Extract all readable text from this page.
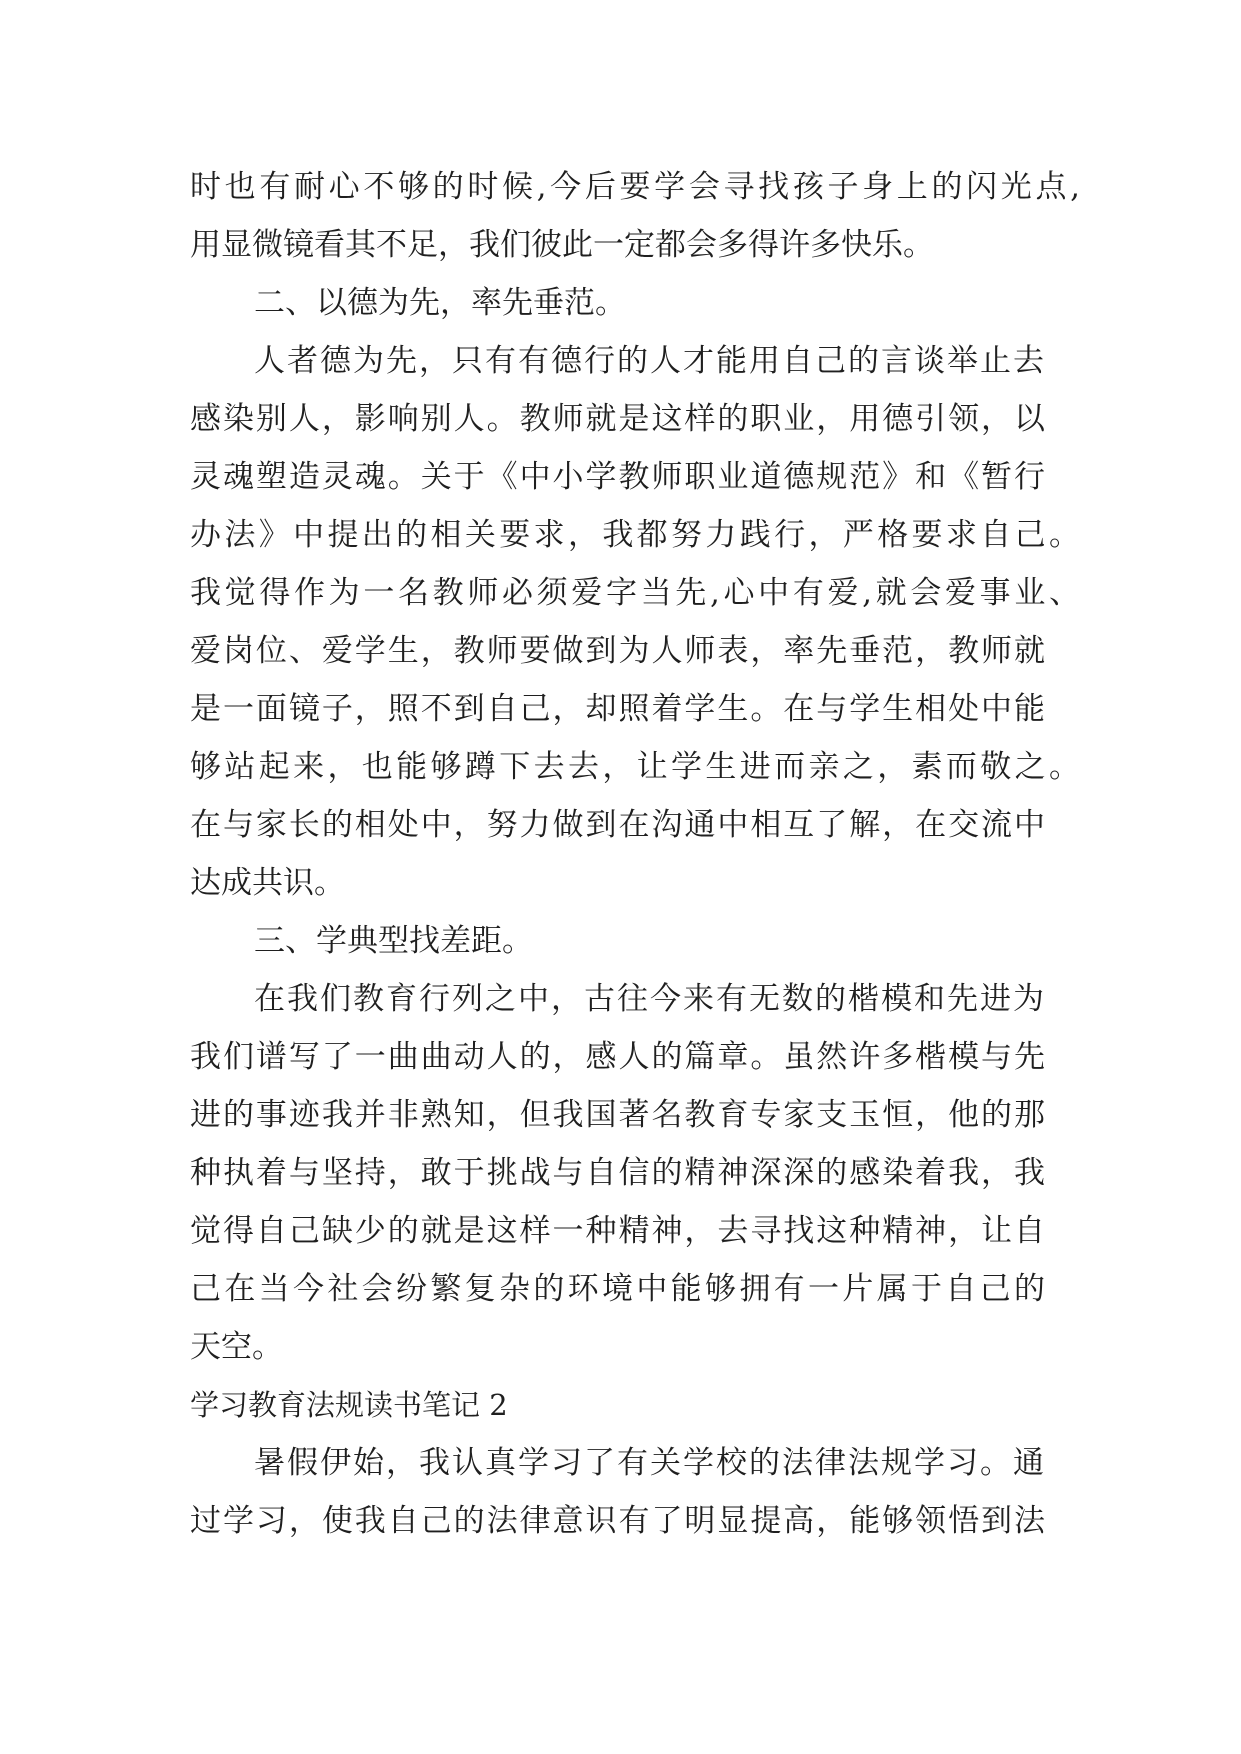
时也有耐心不够的时候,今后要学会寻找孩子身上的闪光点,
用显微镜看其不足，我们彼此一定都会多得许多快乐。
二、以德为先，率先垂范。
人者德为先，只有有德行的人才能用自己的言谈举止去
感染别人，影响别人。教师就是这样的职业，用德引领，以
灵魂塑造灵魂。关于《中小学教师职业道德规范》和《暂行
办法》中提出的相关要求，我都努力践行，严格要求自己。
我觉得作为一名教师必须爱字当先,心中有爱,就会爱事业、
爱岗位、爱学生，教师要做到为人师表，率先垂范，教师就
是一面镜子，照不到自己，却照着学生。在与学生相处中能
够站起来，也能够蹲下去去，让学生进而亲之，素而敬之。
在与家长的相处中，努力做到在沟通中相互了解，在交流中
达成共识。
三、学典型找差距。
在我们教育行列之中，古往今来有无数的楷模和先进为
我们谱写了一曲曲动人的，感人的篇章。虽然许多楷模与先
进的事迹我并非熟知，但我国著名教育专家支玉恒，他的那
种执着与坚持，敢于挑战与自信的精神深深的感染着我，我
觉得自己缺少的就是这样一种精神，去寻找这种精神，让自
己在当今社会纷繁复杂的环境中能够拥有一片属于自己的
天空。
学习教育法规读书笔记 2
暑假伊始，我认真学习了有关学校的法律法规学习。通
过学习，使我自己的法律意识有了明显提高，能够领悟到法
